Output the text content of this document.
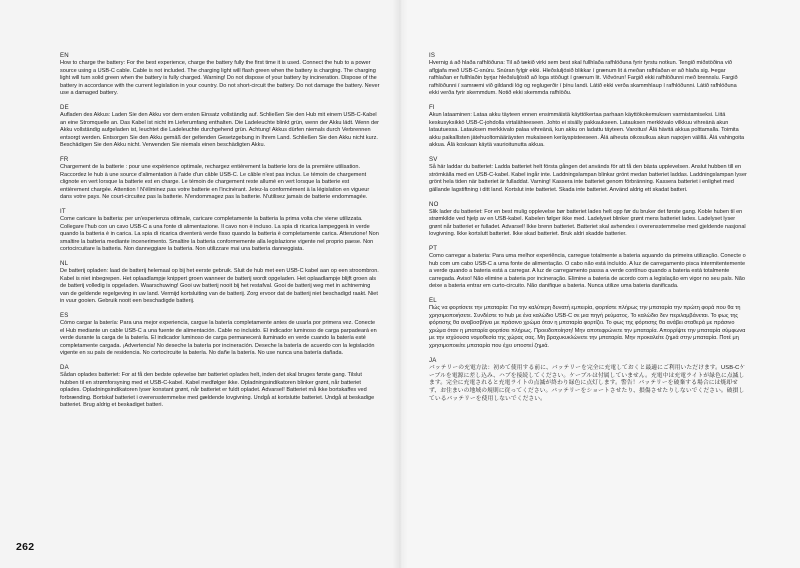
EN

How to charge the battery: For the best experience, charge the battery fully the first time it is used. Connect the hub to a power source using a USB-C cable. Cable is not included. The charging light will flash green when the battery is charging. The charging light will turn solid green when the battery is fully charged. Warning! Do not dispose of your battery by incineration. Dispose of the battery in accordance with the current legislation in your country. Do not short-circuit the battery. Do not damage the battery. Never use a damaged battery.

DE

Aufladen des Akkus: Laden Sie den Akku vor dem ersten Einsatz vollständig auf. Schließen Sie den Hub mit einem USB-C-Kabel an eine Stromquelle an. Das Kabel ist nicht im Lieferumfang enthalten. Die Ladeleuchte blinkt grün, wenn der Akku lädt. Wenn der Akku vollständig aufgeladen ist, leuchtet die Ladeleuchte durchgehend grün. Achtung! Akkus dürfen niemals durch Verbrennen entsorgt werden. Entsorgen Sie den Akku gemäß der geltenden Gesetzgebung in Ihrem Land. Schließen Sie den Akku nicht kurz. Beschädigen Sie den Akku nicht. Verwenden Sie niemals einen beschädigten Akku.

FR

Chargement de la batterie : pour une expérience optimale, rechargez entièrement la batterie lors de la première utilisation. Raccordez le hub à une source d'alimentation à l'aide d'un câble USB-C. Le câble n'est pas inclus. Le témoin de chargement clignote en vert lorsque la batterie est en charge. Le témoin de chargement reste allumé en vert lorsque la batterie est entièrement chargée. Attention ! N'éliminez pas votre batterie en l'incinérant. Jetez-la conformément à la législation en vigueur dans votre pays. Ne court-circuitez pas la batterie. N'endommagez pas la batterie. N'utilisez jamais de batterie endommagée.

IT

Come caricare la batteria: per un'esperienza ottimale, caricare completamente la batteria la prima volta che viene utilizzata. Collegare l'hub con un cavo USB-C a una fonte di alimentazione. Il cavo non è incluso. La spia di ricarica lampeggerà in verde quando la batteria è in carica. La spia di ricarica diventerà verde fisso quando la batteria è completamente carica. Attenzione! Non smaltire la batteria mediante incenerimento. Smaltire la batteria conformemente alla legislazione vigente nel proprio paese. Non cortocircuitare la batteria. Non danneggiare la batteria. Non utilizzare mai una batteria danneggiata.

NL

De batterij opladen: laad de batterij helemaal op bij het eerste gebruik. Sluit de hub met een USB-C kabel aan op een stroombron. Kabel is niet inbegrepen. Het oplaadlampje knippert groen wanneer de batterij wordt opgeladen. Het oplaadlampje blijft groen als de batterij volledig is opgeladen. Waarschuwing! Gooi uw batterij nooit bij het restafval. Gooi de batterij weg met in achtneming van de geldende regelgeving in uw land. Vermijd kortsluiting van de batterij. Zorg ervoor dat de batterij niet beschadigd raakt. Niet in vuur gooien. Gebruik nooit een beschadigde batterij.

ES

Cómo cargar la batería: Para una mejor experiencia, cargue la batería completamente antes de usarla por primera vez. Conecte el Hub mediante un cable USB-C a una fuente de alimentación. Cable no incluido. El indicador luminoso de carga parpadeará en verde durante la carga de la batería. El indicador luminoso de carga permanecerá iluminado en verde cuando la batería esté completamente cargada. ¡Advertencia! No deseche la batería por incineración. Deseche la batería de acuerdo con la legislación vigente en su país de residencia. No cortocircuite la batería. No dañe la batería. No use nunca una batería dañada.

DA

Sådan oplades batteriet: For at få den bedste oplevelse bør batteriet oplades helt, inden det skal bruges første gang. Tilslut hubben til en strømforsyning med et USB-C-kabel. Kabel medfølger ikke. Opladningsindikatoren blinker grønt, når batteriet oplades. Opladningsindikatoren lyser konstant grønt, når batteriet er fuldt opladet. Advarsel! Batteriet må ikke bortskaffes ved forbrænding. Bortskaf batteriet i overensstemmelse med gældende lovgivning. Undgå at kortslutte batteriet. Undgå at beskadige batteriet. Brug aldrig et beskadiget batteri.

IS

Hvernig á að hlaða rafhlöðuna: Til að tækið virki sem best skal fullhlaða rafhlöðuna fyrir fyrstu notkun. Tengið miðstöðina við aflgjafa með USB-C-snúru. Snúran fylgir ekki. Hleðsluljósið blikkar í grænum lit á meðan rafhlaðan er að hlaða sig. Þegar rafhlaðan er fullhlaðin byrjar hleðsluljósið að loga stöðugt í grænum lit. Viðvörun! Fargið ekki rafhlöðunni með brennslu. Fargið rafhlöðunni í samræmi við gildandi lög og reglugerðir í þínu landi. Látið ekki verða skammhlaup í rafhlöðunni. Látið rafhlöðuna ekki verða fyrir skemmdum. Notið ekki skemmda rafhlöðu.

FI

Akun lataaminen: Lataa akku täyteen ennen ensimmäistä käyttökertaa parhaan käyttökokemuksen varmistamiseksi. Liitä keskusyksikkö USB-C-johdolla virtalähteeseen. Johto ei sisälly pakkaukseen. Latauksen merkkivalo vilkkuu vihreänä akun latautuessa. Latauksen merkkivalo palaa vihreänä, kun akku on ladattu täyteen. Varoitus! Älä hävitä akkua polttamalla. Toimita akku paikallisten jätehuoltomääräysten mukaiseen keräyspisteeseen. Älä aiheuta oikosulkua akun napojen välillä. Älä vahingoita akkua. Älä koskaan käytä vaurioitunutta akkua.

SV

Så här laddar du batteriet: Ladda batteriet helt första gången det används för att få den bästa upplevelsen. Anslut hubben till en strömkälla med en USB-C-kabel. Kabel ingår inte. Laddningslampan blinkar grönt medan batteriet laddas. Laddningslampan lyser grönt hela tiden när batteriet är fulladdat. Varning! Kassera inte batteriet genom förbränning. Kassera batteriet i enlighet med gällande lagstiftning i ditt land. Kortslut inte batteriet. Skada inte batteriet. Använd aldrig ett skadat batteri.

NO

Slik lader du batteriet: For en best mulig opplevelse bør batteriet lades helt opp før du bruker det første gang. Koble huben til en strømkilde ved hjelp av en USB-kabel. Kabelen følger ikke med. Ladelyset blinker grønt mens batteriet lades. Ladelyset lyser grønt når batteriet er fulladet. Advarsel! Ikke brenn batteriet. Batteriet skal avhendes i overensstemmelse med gjeldende nasjonal lovgivning. Ikke kortslutt batteriet. Ikke skad batteriet. Bruk aldri skadde batterier.

PT

Como carregar a bateria: Para uma melhor experiência, carregue totalmente a bateria aquando da primeira utilização. Conecte o hub com um cabo USB-C a uma fonte de alimentação. O cabo não está incluído. A luz de carregamento pisca intermitentemente a verde quando a bateria está a carregar. A luz de carregamento passa a verde contínuo quando a bateria está totalmente carregada. Aviso! Não elimine a bateria por incineração. Elimine a bateria de acordo com a legislação em vigor no seu país. Não deixe a bateria entrar em curto-circuito. Não danifique a bateria. Nunca utilize uma bateria danificada.

EL

Πώς να φορτίσετε την μπαταρία: Για την καλύτερη δυνατή εμπειρία, φορτίστε πλήρως την μπαταρία την πρώτη φορά που θα τη χρησιμοποιήσετε. Συνδέστε το hub με ένα καλώδιο USB-C σε μια πηγή ρεύματος. Το καλώδιο δεν περιλαμβάνεται. Το φως της φόρτισης θα αναβοσβήνει με πράσινο χρώμα όταν η μπαταρία φορτίζει. Το φως της φόρτισης θα ανάβει σταθερά με πράσινο χρώμα όταν η μπαταρία φορτίσει πλήρως. Προειδοποίηση! Μην αποτεφρώνετε την μπαταρία. Απορρίψτε την μπαταρία σύμφωνα με την ισχύουσα νομοθεσία της χώρας σας. Μη βραχυκυκλώνετε την μπαταρία. Μην προκαλείτε ζημιά στην μπαταρία. Ποτέ μη χρησιμοποιείτε μπαταρία που έχει υποστεί ζημιά.

JA

バッテリーの充電方法：初めて使用する前に、バッテリーを完全に充電しておくと最適にご利用いただけます。USB-Cケーブルを電源に差し込み、ハブを接続してください。ケーブルは付属していません。充電中は充電ライトが緑色に点滅します。完全に充電されると充電ライトの点滅が終わり緑色に点灯します。警告！バッテリーを破棄する場合には焼却せず、お住まいの地域の規則に従ってください。バッテリーをショートさせたり、損傷させたりしないでください。破損しているバッテリーを使用しないでください。

262
